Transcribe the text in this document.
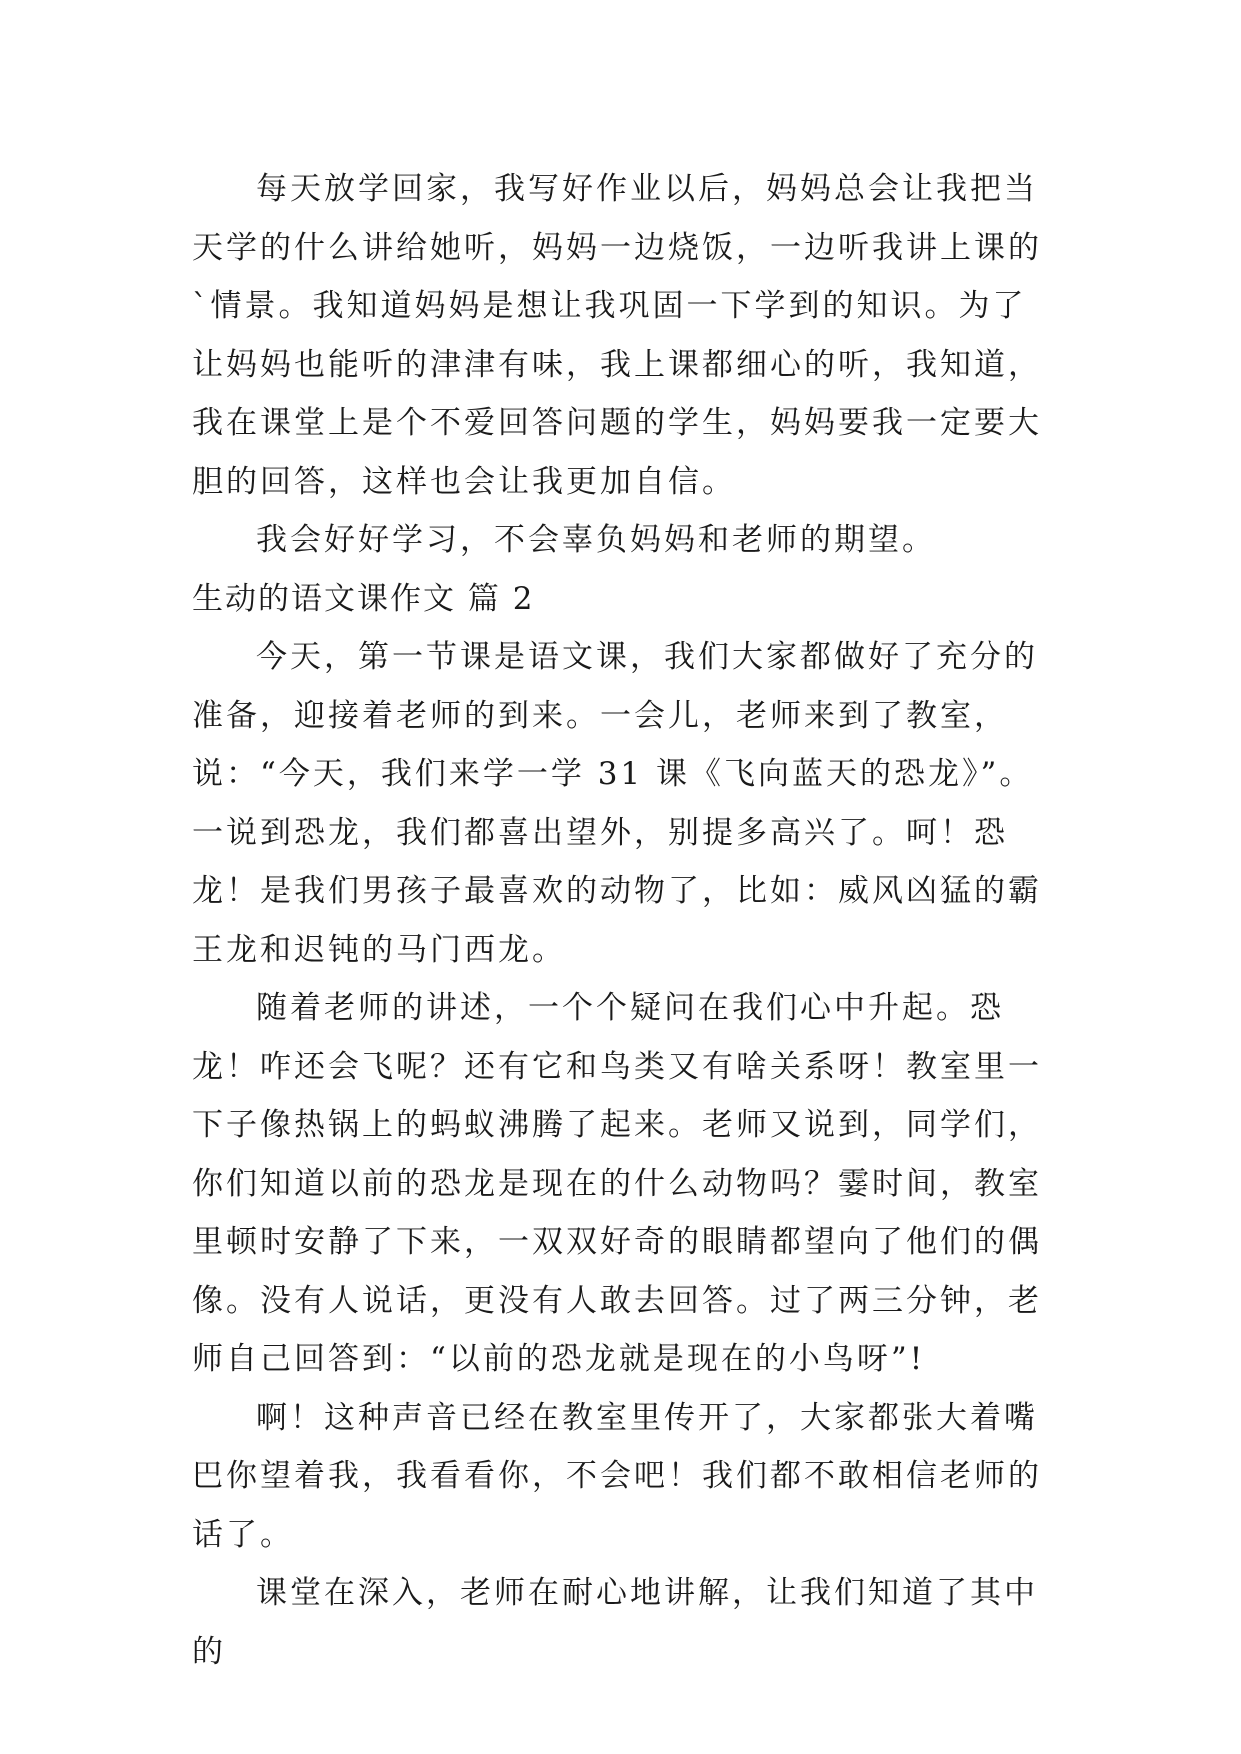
每天放学回家，我写好作业以后，妈妈总会让我把当天学的什么讲给她听，妈妈一边烧饭，一边听我讲上课的`情景。我知道妈妈是想让我巩固一下学到的知识。为了让妈妈也能听的津津有味，我上课都细心的听，我知道，我在课堂上是个不爱回答问题的学生，妈妈要我一定要大胆的回答，这样也会让我更加自信。

我会好好学习，不会辜负妈妈和老师的期望。

生动的语文课作文 篇 2

今天，第一节课是语文课，我们大家都做好了充分的准备，迎接着老师的到来。一会儿，老师来到了教室，说：“今天，我们来学一学 31 课《飞向蓝天的恐龙》”。一说到恐龙，我们都喜出望外，别提多高兴了。呵！恐龙！是我们男孩子最喜欢的动物了，比如：威风凶猛的霸王龙和迟钝的马门西龙。

随着老师的讲述，一个个疑问在我们心中升起。恐龙！咋还会飞呢？还有它和鸟类又有啥关系呀！教室里一下子像热锅上的蚂蚁沸腾了起来。老师又说到，同学们，你们知道以前的恐龙是现在的什么动物吗？霎时间，教室里顿时安静了下来，一双双好奇的眼睛都望向了他们的偶像。没有人说话，更没有人敢去回答。过了两三分钟，老师自己回答到：“以前的恐龙就是现在的小鸟呀”!

啊！这种声音已经在教室里传开了，大家都张大着嘴巴你望着我，我看看你，不会吧！我们都不敢相信老师的话了。

课堂在深入，老师在耐心地讲解，让我们知道了其中的
